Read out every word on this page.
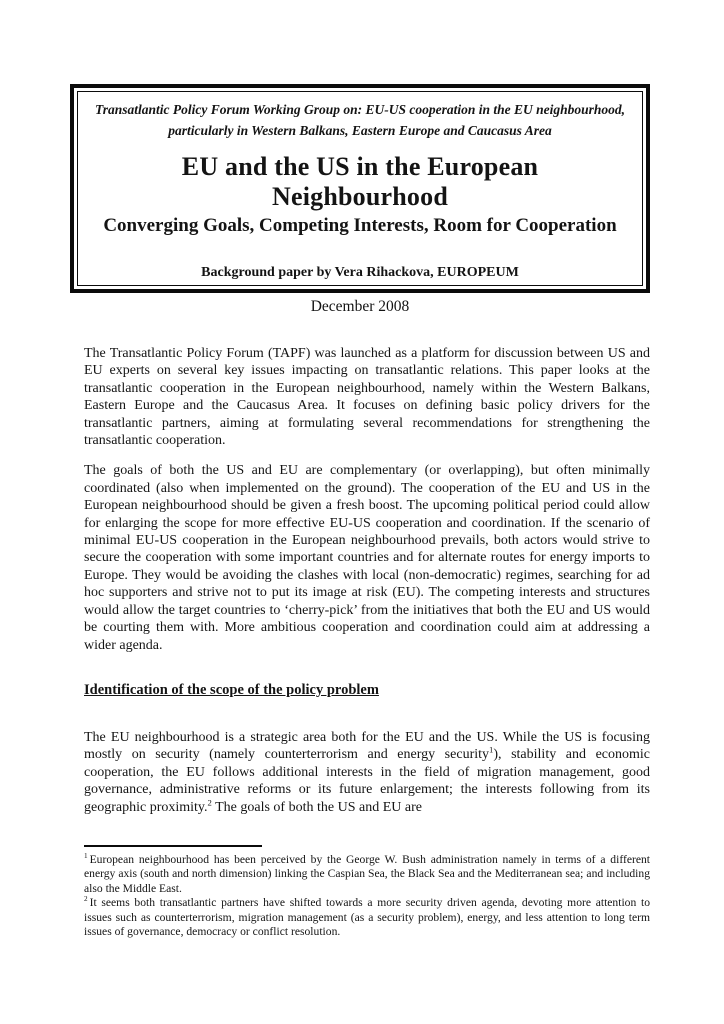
Transatlantic Policy Forum Working Group on: EU-US cooperation in the EU neighbourhood, particularly in Western Balkans, Eastern Europe and Caucasus Area

EU and the US in the European Neighbourhood

Converging Goals, Competing Interests, Room for Cooperation

Background paper by Vera Rihackova, EUROPEUM

December 2008

The Transatlantic Policy Forum (TAPF) was launched as a platform for discussion between US and EU experts on several key issues impacting on transatlantic relations. This paper looks at the transatlantic cooperation in the European neighbourhood, namely within the Western Balkans, Eastern Europe and the Caucasus Area. It focuses on defining basic policy drivers for the transatlantic partners, aiming at formulating several recommendations for strengthening the transatlantic cooperation.

The goals of both the US and EU are complementary (or overlapping), but often minimally coordinated (also when implemented on the ground). The cooperation of the EU and US in the European neighbourhood should be given a fresh boost. The upcoming political period could allow for enlarging the scope for more effective EU-US cooperation and coordination. If the scenario of minimal EU-US cooperation in the European neighbourhood prevails, both actors would strive to secure the cooperation with some important countries and for alternate routes for energy imports to Europe. They would be avoiding the clashes with local (non-democratic) regimes, searching for ad hoc supporters and strive not to put its image at risk (EU). The competing interests and structures would allow the target countries to ‘cherry-pick’ from the initiatives that both the EU and US would be courting them with. More ambitious cooperation and coordination could aim at addressing a wider agenda.

Identification of the scope of the policy problem

The EU neighbourhood is a strategic area both for the EU and the US. While the US is focusing mostly on security (namely counterterrorism and energy security$^1$), stability and economic cooperation, the EU follows additional interests in the field of migration management, good governance, administrative reforms or its future enlargement; the interests following from its geographic proximity.$^2$ The goals of both the US and EU are

$^1$ European neighbourhood has been perceived by the George W. Bush administration namely in terms of a different energy axis (south and north dimension) linking the Caspian Sea, the Black Sea and the Mediterranean sea; and including also the Middle East.

$^2$ It seems both transatlantic partners have shifted towards a more security driven agenda, devoting more attention to issues such as counterterrorism, migration management (as a security problem), energy, and less attention to long term issues of governance, democracy or conflict resolution.
